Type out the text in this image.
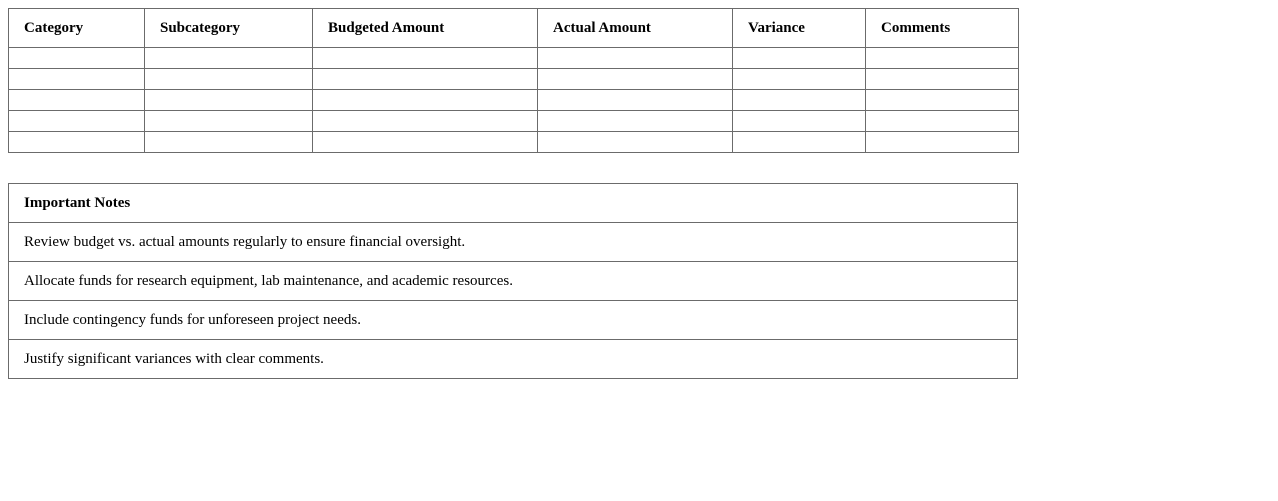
Category	Subcategory	Budgeted Amount	Actual Amount	Variance	Comments

Important Notes
Review budget vs. actual amounts regularly to ensure financial oversight.
Allocate funds for research equipment, lab maintenance, and academic resources.
Include contingency funds for unforeseen project needs.
Justify significant variances with clear comments.
